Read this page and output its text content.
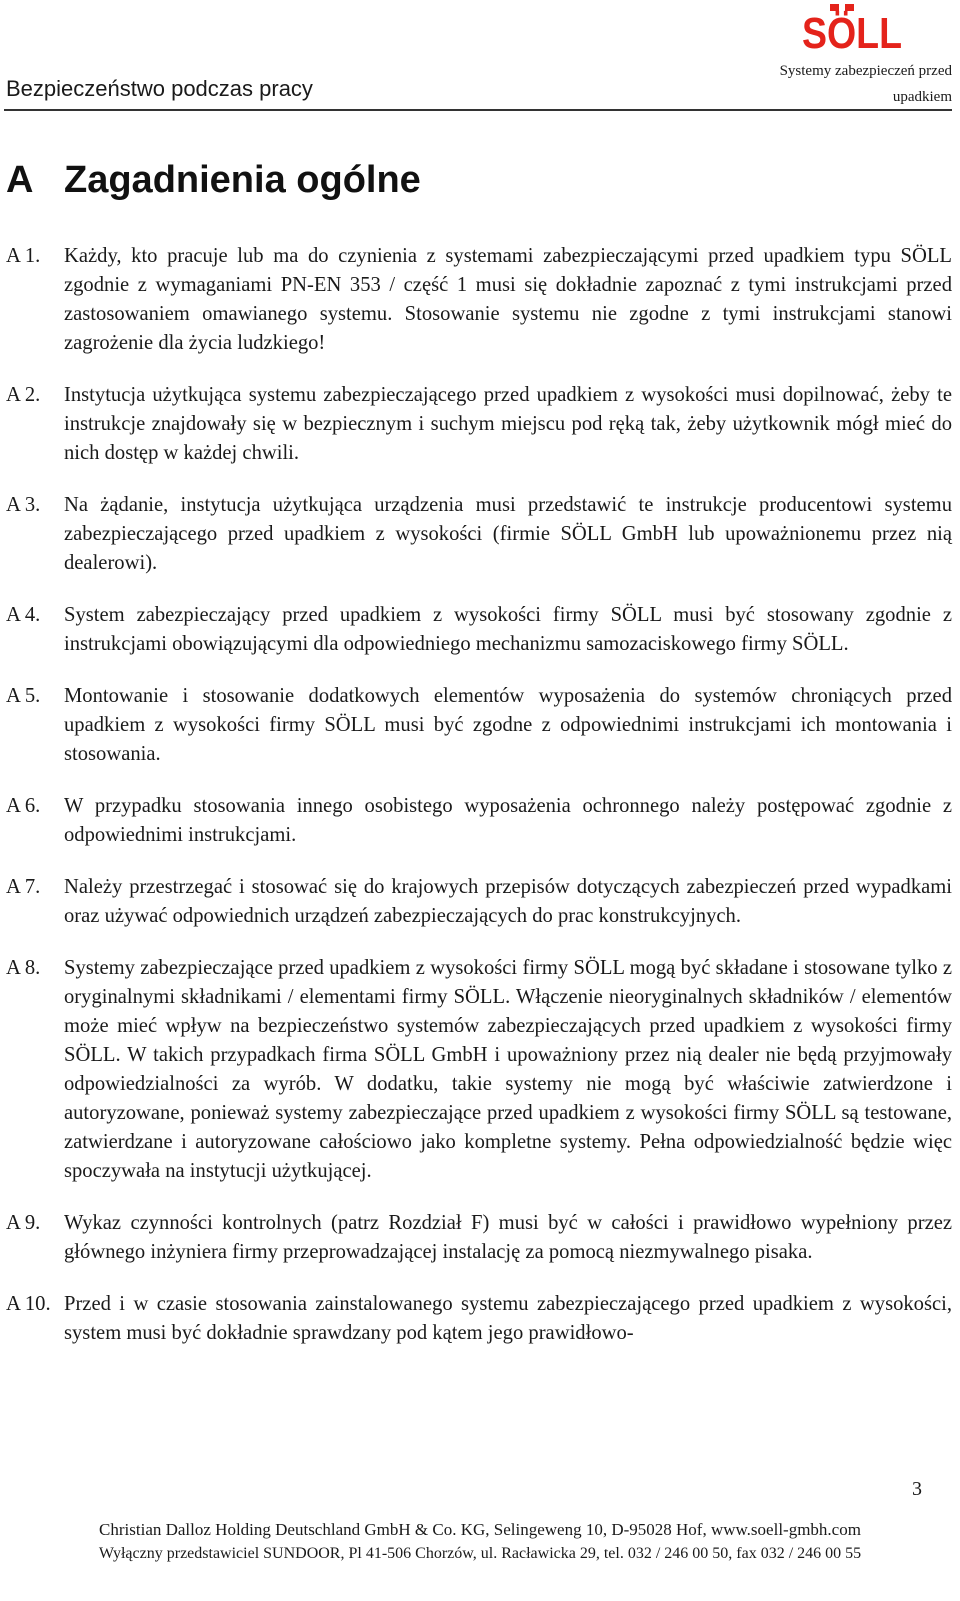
Bezpieczeństwo podczas pracy
SÖLL
Systemy zabezpieczeń przed
upadkiem
A Zagadnienia ogólne
A 1.	Każdy, kto pracuje lub ma do czynienia z systemami zabezpieczającymi przed upadkiem typu SÖLL zgodnie z wymaganiami PN-EN 353 / część 1 musi się dokładnie zapoznać z tymi instrukcjami przed zastosowaniem omawianego systemu. Stosowanie systemu nie zgodne z tymi instrukcjami stanowi zagrożenie dla życia ludzkiego!

A 2.	Instytucja użytkująca systemu zabezpieczającego przed upadkiem z wysokości musi dopilnować, żeby te instrukcje znajdowały się w bezpiecznym i suchym miejscu pod ręką tak, żeby użytkownik mógł mieć do nich dostęp w każdej chwili.

A 3.	Na żądanie, instytucja użytkująca urządzenia musi przedstawić te instrukcje producentowi systemu zabezpieczającego przed upadkiem z wysokości (firmie SÖLL GmbH lub upoważnionemu przez nią dealerowi).

A 4.	System zabezpieczający przed upadkiem z wysokości firmy SÖLL musi być stosowany zgodnie z instrukcjami obowiązującymi dla odpowiedniego mechanizmu samozaciskowego firmy SÖLL.

A 5.	Montowanie i stosowanie dodatkowych elementów wyposażenia do systemów chroniących przed upadkiem z wysokości firmy SÖLL musi być zgodne z odpowiednimi instrukcjami ich montowania i stosowania.

A 6.	W przypadku stosowania innego osobistego wyposażenia ochronnego należy postępować zgodnie z odpowiednimi instrukcjami.

A 7.	Należy przestrzegać i stosować się do krajowych przepisów dotyczących zabezpieczeń przed wypadkami oraz używać odpowiednich urządzeń zabezpieczających do prac konstrukcyjnych.

A 8.	Systemy zabezpieczające przed upadkiem z wysokości firmy SÖLL mogą być składane i stosowane tylko z oryginalnymi składnikami / elementami firmy SÖLL. Włączenie nieoryginalnych składników / elementów może mieć wpływ na bezpieczeństwo systemów zabezpieczających przed upadkiem z wysokości firmy SÖLL. W takich przypadkach firma SÖLL GmbH i upoważniony przez nią dealer nie będą przyjmowały odpowiedzialności za wyrób. W dodatku, takie systemy nie mogą być właściwie zatwierdzone i autoryzowane, ponieważ systemy zabezpieczające przed upadkiem z wysokości firmy SÖLL są testowane, zatwierdzane i autoryzowane całościowo jako kompletne systemy. Pełna odpowiedzialność będzie więc spoczywała na instytucji użytkującej.

A 9.	Wykaz czynności kontrolnych (patrz Rozdział F) musi być w całości i prawidłowo wypełniony przez głównego inżyniera firmy przeprowadzającej instalację za pomocą niezmywalnego pisaka.

A 10. Przed i w czasie stosowania zainstalowanego systemu zabezpieczającego przed upadkiem z wysokości, system musi być dokładnie sprawdzany pod kątem jego prawidłowo-

3
Christian Dalloz Holding Deutschland GmbH & Co. KG, Selingeweng 10, D-95028 Hof, www.soell-gmbh.com
Wyłączny przedstawiciel SUNDOOR, Pl 41-506 Chorzów, ul. Racławicka 29, tel. 032 / 246 00 50, fax 032 / 246 00 55
